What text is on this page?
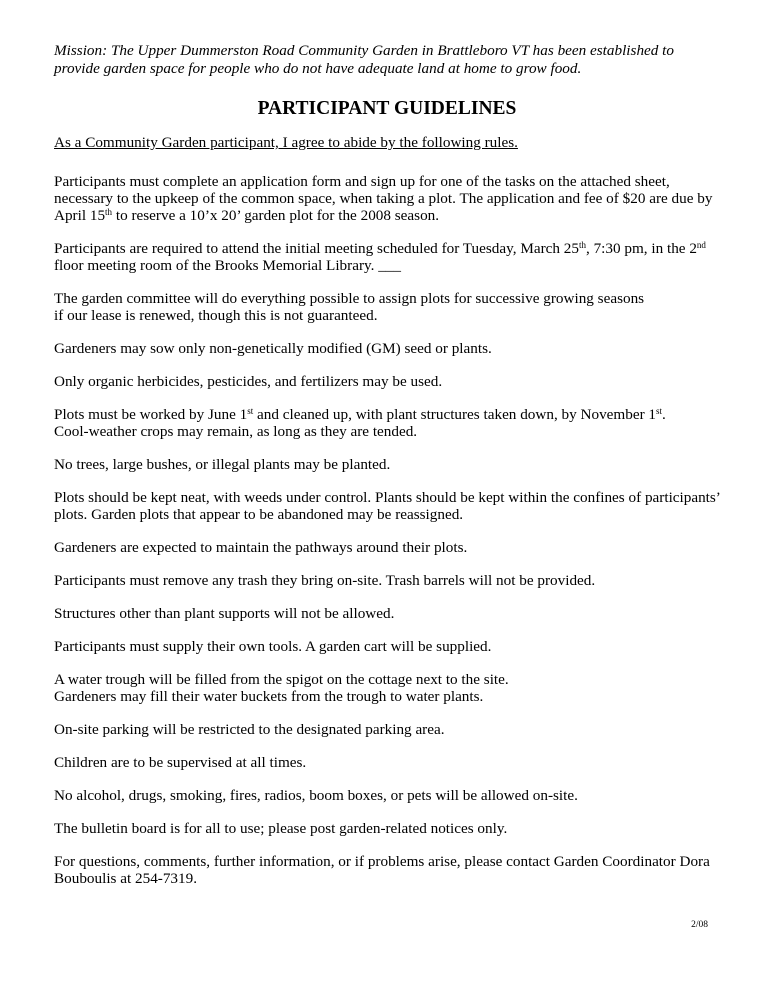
Mission: The Upper Dummerston Road Community Garden in Brattleboro VT has been established to provide garden space for people who do not have adequate land at home to grow food.

PARTICIPANT GUIDELINES

As a Community Garden participant, I agree to abide by the following rules.

Participants must complete an application form and sign up for one of the tasks on the attached sheet, necessary to the upkeep of the common space, when taking a plot. The application and fee of $20 are due by April 15th to reserve a 10’x 20’ garden plot for the 2008 season.
Participants are required to attend the initial meeting scheduled for Tuesday, March 25th, 7:30 pm, in the 2nd floor meeting room of the Brooks Memorial Library. ___
The garden committee will do everything possible to assign plots for successive growing seasons
if our lease is renewed, though this is not guaranteed.
Gardeners may sow only non-genetically modified (GM) seed or plants.
Only organic herbicides, pesticides, and fertilizers may be used.
Plots must be worked by June 1st and cleaned up, with plant structures taken down, by November 1st.
Cool-weather crops may remain, as long as they are tended.
No trees, large bushes, or illegal plants may be planted.
Plots should be kept neat, with weeds under control. Plants should be kept within the confines of participants’ plots. Garden plots that appear to be abandoned may be reassigned.
Gardeners are expected to maintain the pathways around their plots.
Participants must remove any trash they bring on-site. Trash barrels will not be provided.
Structures other than plant supports will not be allowed.
Participants must supply their own tools. A garden cart will be supplied.
A water trough will be filled from the spigot on the cottage next to the site.
Gardeners may fill their water buckets from the trough to water plants.
On-site parking will be restricted to the designated parking area.
Children are to be supervised at all times.
No alcohol, drugs, smoking, fires, radios, boom boxes, or pets will be allowed on-site.
The bulletin board is for all to use; please post garden-related notices only.
For questions, comments, further information, or if problems arise, please contact Garden Coordinator Dora Bouboulis at 254-7319.
2/08
